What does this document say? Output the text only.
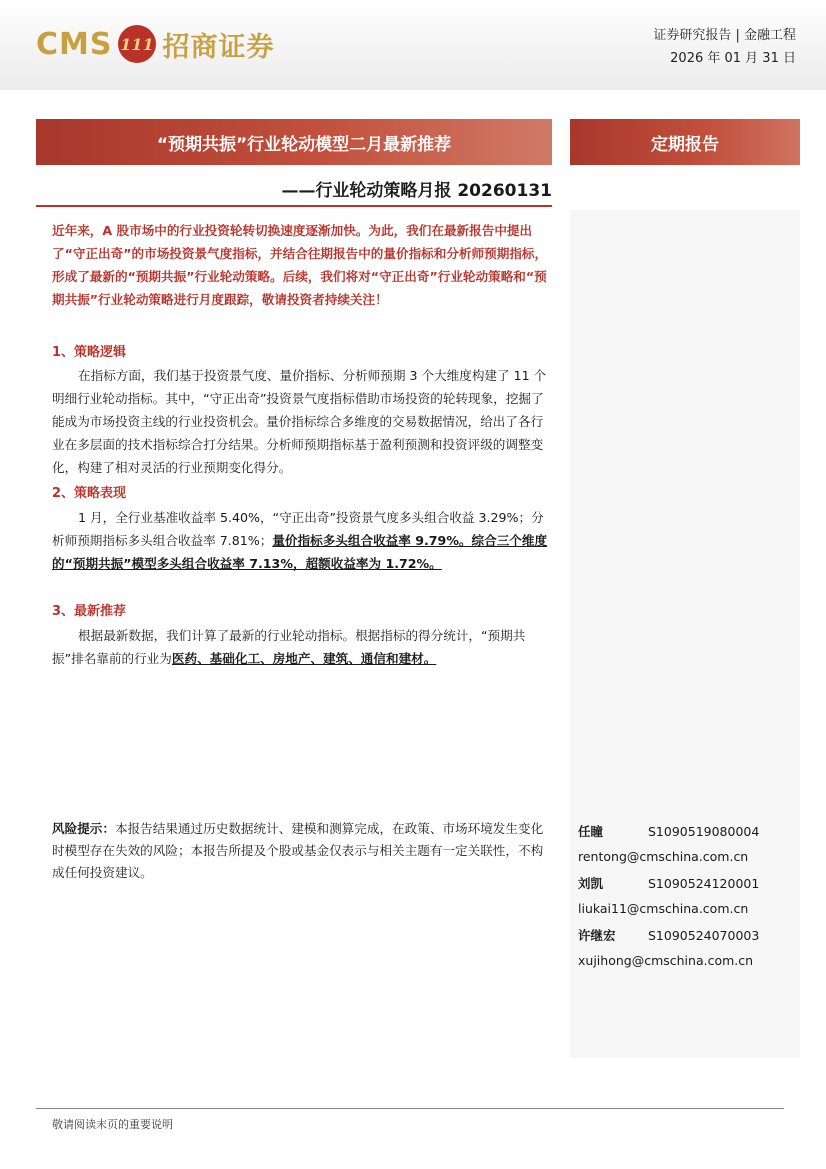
CMS 111 招商证券	证券研究报告 | 金融工程
2026 年 01 月 31 日
“预期共振”行业轮动模型二月最新推荐
——行业轮动策略月报 20260131
定期报告
近年来，A 股市场中的行业投资轮转切换速度逐渐加快。为此，我们在最新报告中提出了“守正出奇”的市场投资景气度指标，并结合往期报告中的量价指标和分析师预期指标，形成了最新的“预期共振”行业轮动策略。后续，我们将对“守正出奇”行业轮动策略和“预期共振”行业轮动策略进行月度跟踪，敬请投资者持续关注！
1、策略逻辑
在指标方面，我们基于投资景气度、量价指标、分析师预期 3 个大维度构建了 11 个明细行业轮动指标。其中，“守正出奇”投资景气度指标借助市场投资的轮转现象，挖掘了能成为市场投资主线的行业投资机会。量价指标综合多维度的交易数据情况，给出了各行业在多层面的技术指标综合打分结果。分析师预期指标基于盈利预测和投资评级的调整变化，构建了相对灵活的行业预期变化得分。
2、策略表现
1 月，全行业基准收益率 5.40%，“守正出奇”投资景气度多头组合收益 3.29%；分析师预期指标多头组合收益率 7.81%；量价指标多头组合收益率 9.79%。综合三个维度的“预期共振”模型多头组合收益率 7.13%，超额收益率为 1.72%。
3、最新推荐
根据最新数据，我们计算了最新的行业轮动指标。根据指标的得分统计，“预期共振”排名靠前的行业为医药、基础化工、房地产、建筑、通信和建材。
风险提示：本报告结果通过历史数据统计、建模和测算完成，在政策、市场环境发生变化时模型存在失效的风险；本报告所提及个股或基金仅表示与相关主题有一定关联性，不构成任何投资建议。
任瞳	S1090519080004
rentong@cmschina.com.cn
刘凯	S1090524120001
liukai11@cmschina.com.cn
许继宏	S1090524070003
xujihong@cmschina.com.cn
敬请阅读末页的重要说明
